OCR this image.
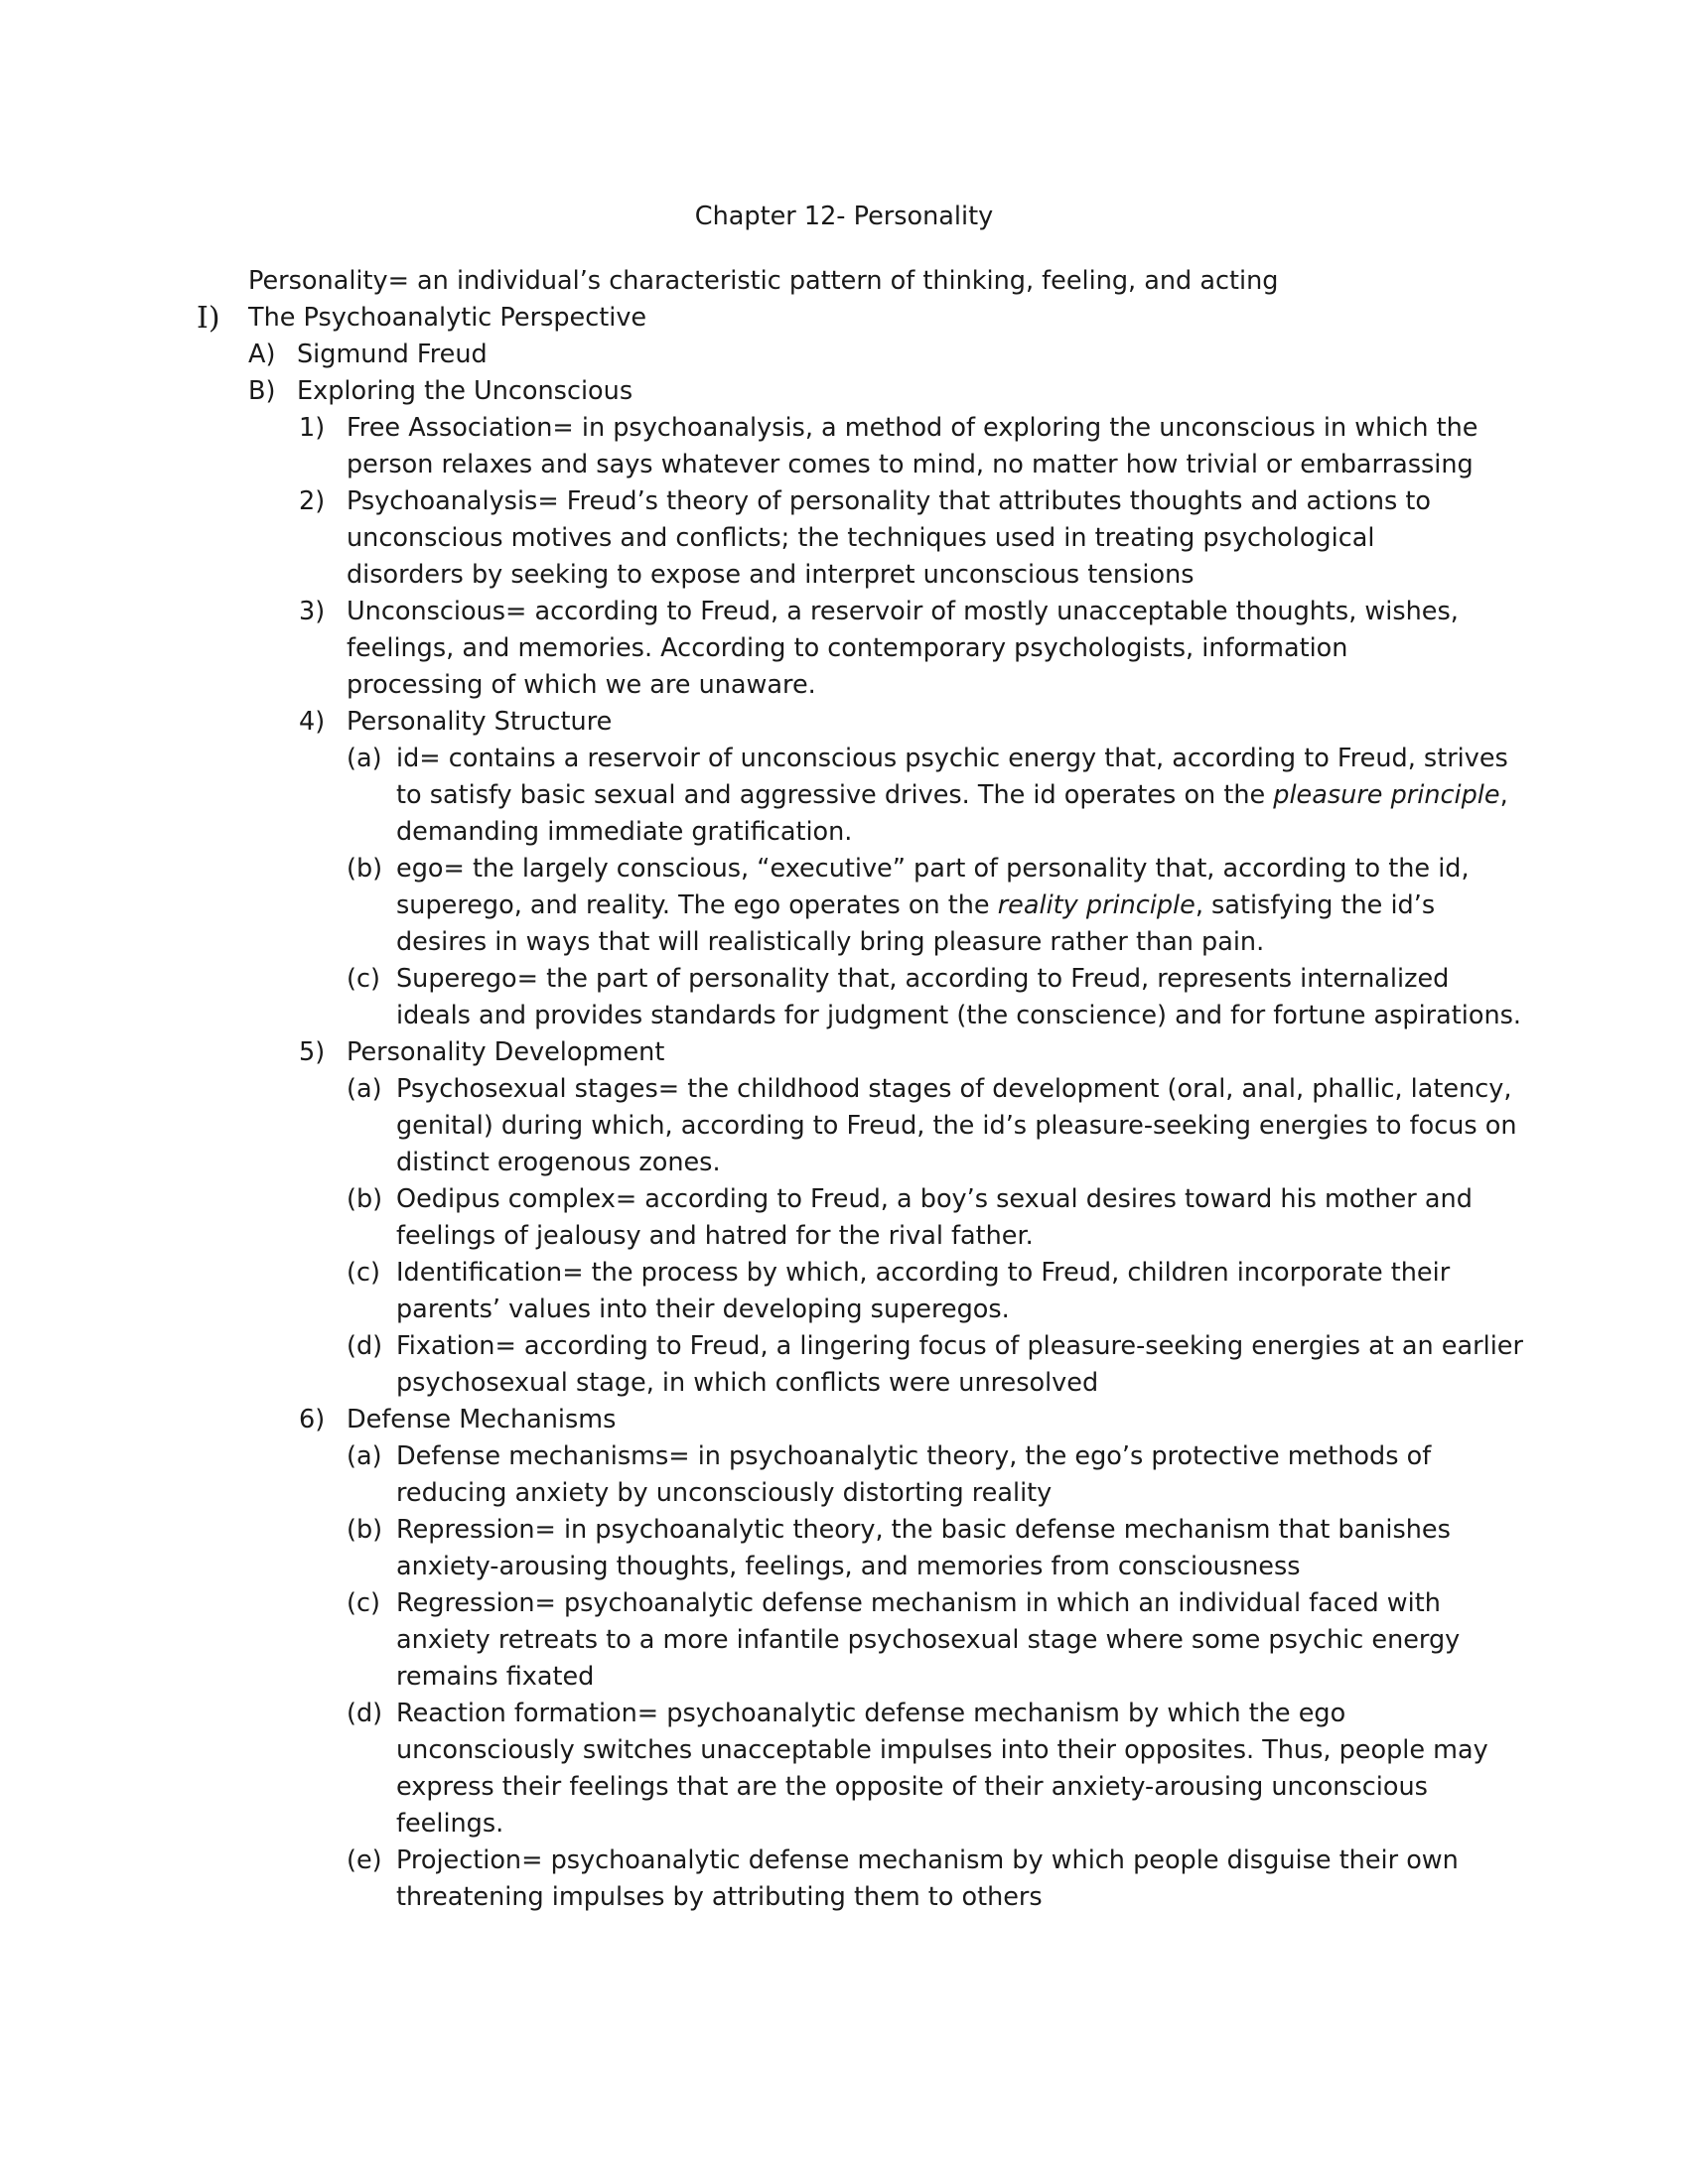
Chapter 12- Personality
Personality= an individual’s characteristic pattern of thinking, feeling, and acting
I) The Psychoanalytic Perspective
A) Sigmund Freud
B) Exploring the Unconscious
1) Free Association= in psychoanalysis, a method of exploring the unconscious in which the person relaxes and says whatever comes to mind, no matter how trivial or embarrassing
2) Psychoanalysis= Freud’s theory of personality that attributes thoughts and actions to unconscious motives and conflicts; the techniques used in treating psychological disorders by seeking to expose and interpret unconscious tensions
3) Unconscious= according to Freud, a reservoir of mostly unacceptable thoughts, wishes, feelings, and memories. According to contemporary psychologists, information processing of which we are unaware.
4) Personality Structure
(a) id= contains a reservoir of unconscious psychic energy that, according to Freud, strives to satisfy basic sexual and aggressive drives. The id operates on the pleasure principle, demanding immediate gratification.
(b) ego= the largely conscious, “executive” part of personality that, according to the id, superego, and reality. The ego operates on the reality principle, satisfying the id’s desires in ways that will realistically bring pleasure rather than pain.
(c) Superego= the part of personality that, according to Freud, represents internalized ideals and provides standards for judgment (the conscience) and for fortune aspirations.
5) Personality Development
(a) Psychosexual stages= the childhood stages of development (oral, anal, phallic, latency, genital) during which, according to Freud, the id’s pleasure-seeking energies to focus on distinct erogenous zones.
(b) Oedipus complex= according to Freud, a boy’s sexual desires toward his mother and feelings of jealousy and hatred for the rival father.
(c) Identification= the process by which, according to Freud, children incorporate their parents’ values into their developing superegos.
(d) Fixation= according to Freud, a lingering focus of pleasure-seeking energies at an earlier psychosexual stage, in which conflicts were unresolved
6) Defense Mechanisms
(a) Defense mechanisms= in psychoanalytic theory, the ego’s protective methods of reducing anxiety by unconsciously distorting reality
(b) Repression= in psychoanalytic theory, the basic defense mechanism that banishes anxiety-arousing thoughts, feelings, and memories from consciousness
(c) Regression= psychoanalytic defense mechanism in which an individual faced with anxiety retreats to a more infantile psychosexual stage where some psychic energy remains fixated
(d) Reaction formation= psychoanalytic defense mechanism by which the ego unconsciously switches unacceptable impulses into their opposites. Thus, people may express their feelings that are the opposite of their anxiety-arousing unconscious feelings.
(e) Projection= psychoanalytic defense mechanism by which people disguise their own threatening impulses by attributing them to others
